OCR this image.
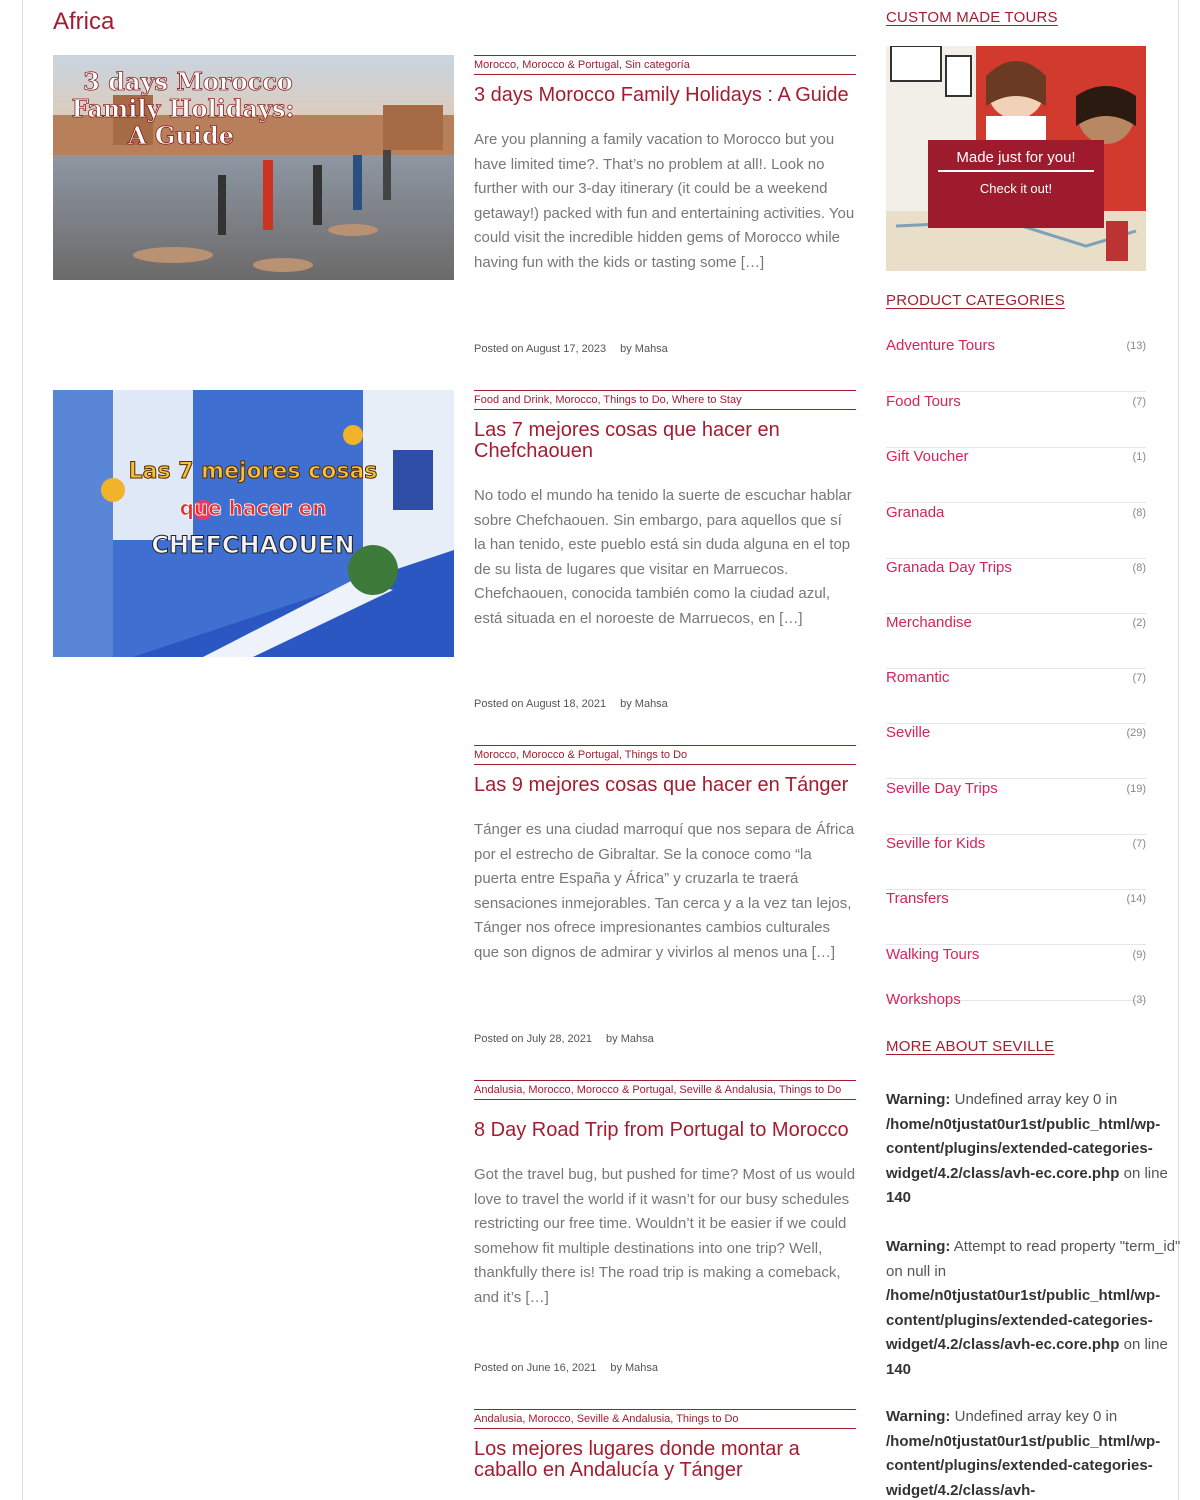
Africa
3 days Morocco
Family Holidays:
A Guide
Morocco, Morocco & Portugal, Sin categoría
3 days Morocco Family Holidays : A Guide

Are you planning a family vacation to Morocco but you have limited time?. That’s no problem at all!. Look no further with our 3-day itinerary (it could be a weekend getaway!) packed with fun and entertaining activities. You could visit the incredible hidden gems of Morocco while having fun with the kids or tasting some […]

Posted on August 17, 2023 by Mahsa
Las 7 mejores cosas
que hacer en
CHEFCHAOUEN
Food and Drink, Morocco, Things to Do, Where to Stay
Las 7 mejores cosas que hacer en Chefchaouen

No todo el mundo ha tenido la suerte de escuchar hablar sobre Chefchaouen. Sin embargo, para aquellos que sí la han tenido, este pueblo está sin duda alguna en el top de su lista de lugares que visitar en Marruecos. Chefchaouen, conocida también como la ciudad azul, está situada en el noroeste de Marruecos, en […]

Posted on August 18, 2021 by Mahsa
Morocco, Morocco & Portugal, Things to Do
Las 9 mejores cosas que hacer en Tánger

Tánger es una ciudad marroquí que nos separa de África por el estrecho de Gibraltar. Se la conoce como “la puerta entre España y África” y cruzarla te traerá sensaciones inmejorables. Tan cerca y a la vez tan lejos, Tánger nos ofrece impresionantes cambios culturales que son dignos de admirar y vivirlos al menos una […]

Posted on July 28, 2021 by Mahsa
Andalusia, Morocco, Morocco & Portugal, Seville & Andalusia, Things to Do
8 Day Road Trip from Portugal to Morocco

Got the travel bug, but pushed for time? Most of us would love to travel the world if it wasn’t for our busy schedules restricting our free time. Wouldn’t it be easier if we could somehow fit multiple destinations into one trip? Well, thankfully there is! The road trip is making a comeback, and it’s […]

Posted on June 16, 2021 by Mahsa
Andalusia, Morocco, Seville & Andalusia, Things to Do
Los mejores lugares donde montar a caballo en Andalucía y Tánger
CUSTOM MADE TOURS
Made just for you!
Check it out!
PRODUCT CATEGORIES
Adventure Tours	(13)
Food Tours	(7)
Gift Voucher	(1)
Granada	(8)
Granada Day Trips	(8)
Merchandise	(2)
Romantic	(7)
Seville	(29)
Seville Day Trips	(19)
Seville for Kids	(7)
Transfers	(14)
Walking Tours	(9)
Workshops	(3)
MORE ABOUT SEVILLE
Warning: Undefined array key 0 in /home/n0tjustat0ur1st/public_html/wp-content/plugins/extended-categories-widget/4.2/class/avh-ec.core.php on line 140
Warning: Attempt to read property "term_id" on null in /home/n0tjustat0ur1st/public_html/wp-content/plugins/extended-categories-widget/4.2/class/avh-ec.core.php on line 140
Warning: Undefined array key 0 in /home/n0tjustat0ur1st/public_html/wp-content/plugins/extended-categories-widget/4.2/class/avh-
